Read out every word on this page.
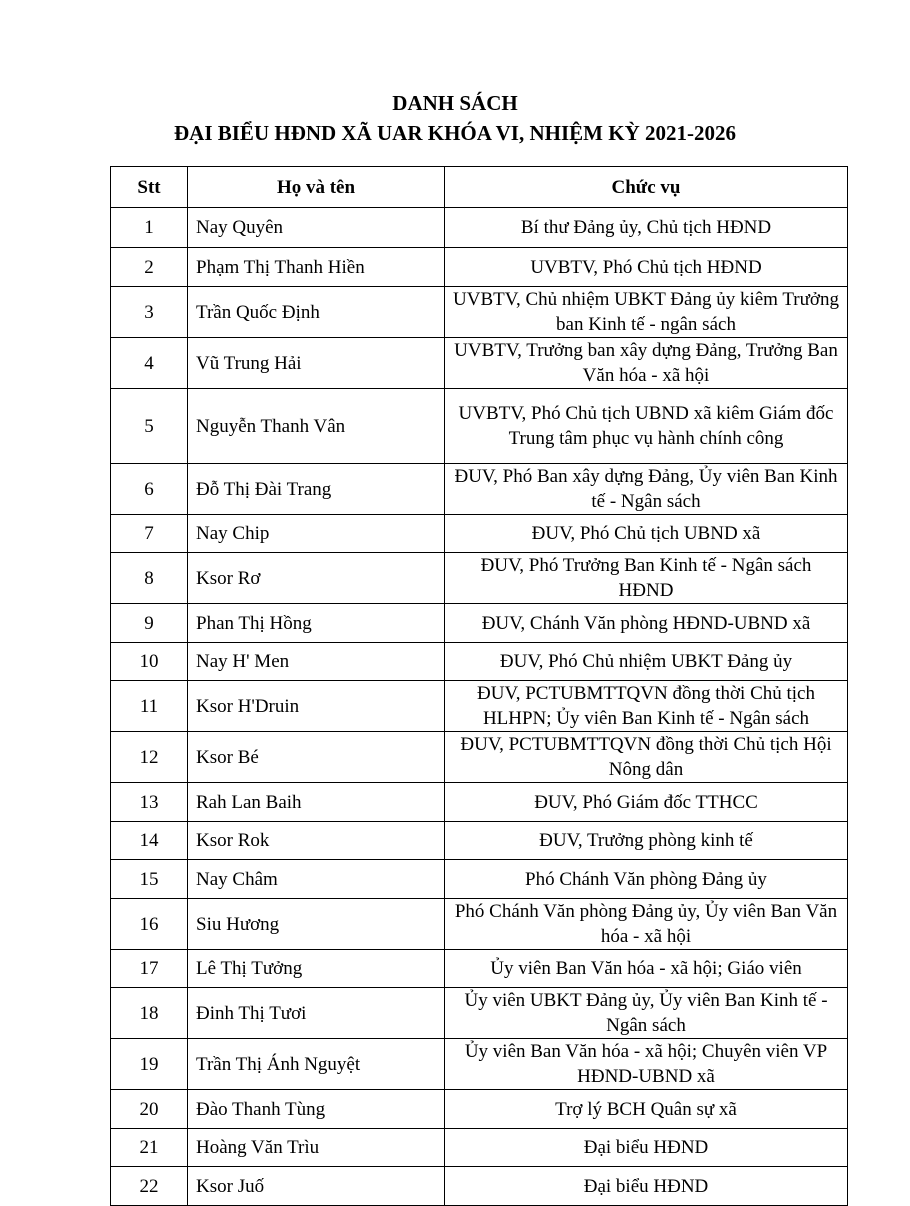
DANH SÁCH
ĐẠI BIỂU HĐND XÃ UAR KHÓA VI, NHIỆM KỲ 2021-2026
Stt	Họ và tên	Chức vụ
1	Nay Quyên	Bí thư Đảng ủy, Chủ tịch HĐND
2	Phạm Thị Thanh Hiền	UVBTV, Phó Chủ tịch HĐND
3	Trần Quốc Định	UVBTV, Chủ nhiệm UBKT Đảng ủy kiêm Trưởng ban Kinh tế - ngân sách
4	Vũ Trung Hải	UVBTV, Trưởng ban xây dựng Đảng, Trưởng Ban Văn hóa - xã hội
5	Nguyễn Thanh Vân	UVBTV, Phó Chủ tịch UBND xã kiêm Giám đốc Trung tâm phục vụ hành chính công
6	Đỗ Thị Đài Trang	ĐUV, Phó Ban xây dựng Đảng, Ủy viên Ban Kinh tế - Ngân sách
7	Nay Chip	ĐUV, Phó Chủ tịch UBND xã
8	Ksor Rơ	ĐUV, Phó Trưởng Ban Kinh tế - Ngân sách HĐND
9	Phan Thị Hồng	ĐUV, Chánh Văn phòng HĐND-UBND xã
10	Nay H' Men	ĐUV, Phó Chủ nhiệm UBKT Đảng ủy
11	Ksor H'Druin	ĐUV, PCTUBMTTQVN đồng thời Chủ tịch HLHPN; Ủy viên Ban Kinh tế - Ngân sách
12	Ksor Bé	ĐUV, PCTUBMTTQVN đồng thời Chủ tịch Hội Nông dân
13	Rah Lan Baih	ĐUV, Phó Giám đốc TTHCC
14	Ksor Rok	ĐUV, Trưởng phòng kinh tế
15	Nay Châm	Phó Chánh Văn phòng Đảng ủy
16	Siu Hương	Phó Chánh Văn phòng Đảng ủy, Ủy viên Ban Văn hóa - xã hội
17	Lê Thị Tưởng	Ủy viên Ban Văn hóa - xã hội; Giáo viên
18	Đinh Thị Tươi	Ủy viên UBKT Đảng ủy, Ủy viên Ban Kinh tế - Ngân sách
19	Trần Thị Ánh Nguyệt	Ủy viên Ban Văn hóa - xã hội; Chuyên viên VP HĐND-UBND xã
20	Đào Thanh Tùng	Trợ lý BCH Quân sự xã
21	Hoàng Văn Trìu	Đại biểu HĐND
22	Ksor Juố	Đại biểu HĐND
